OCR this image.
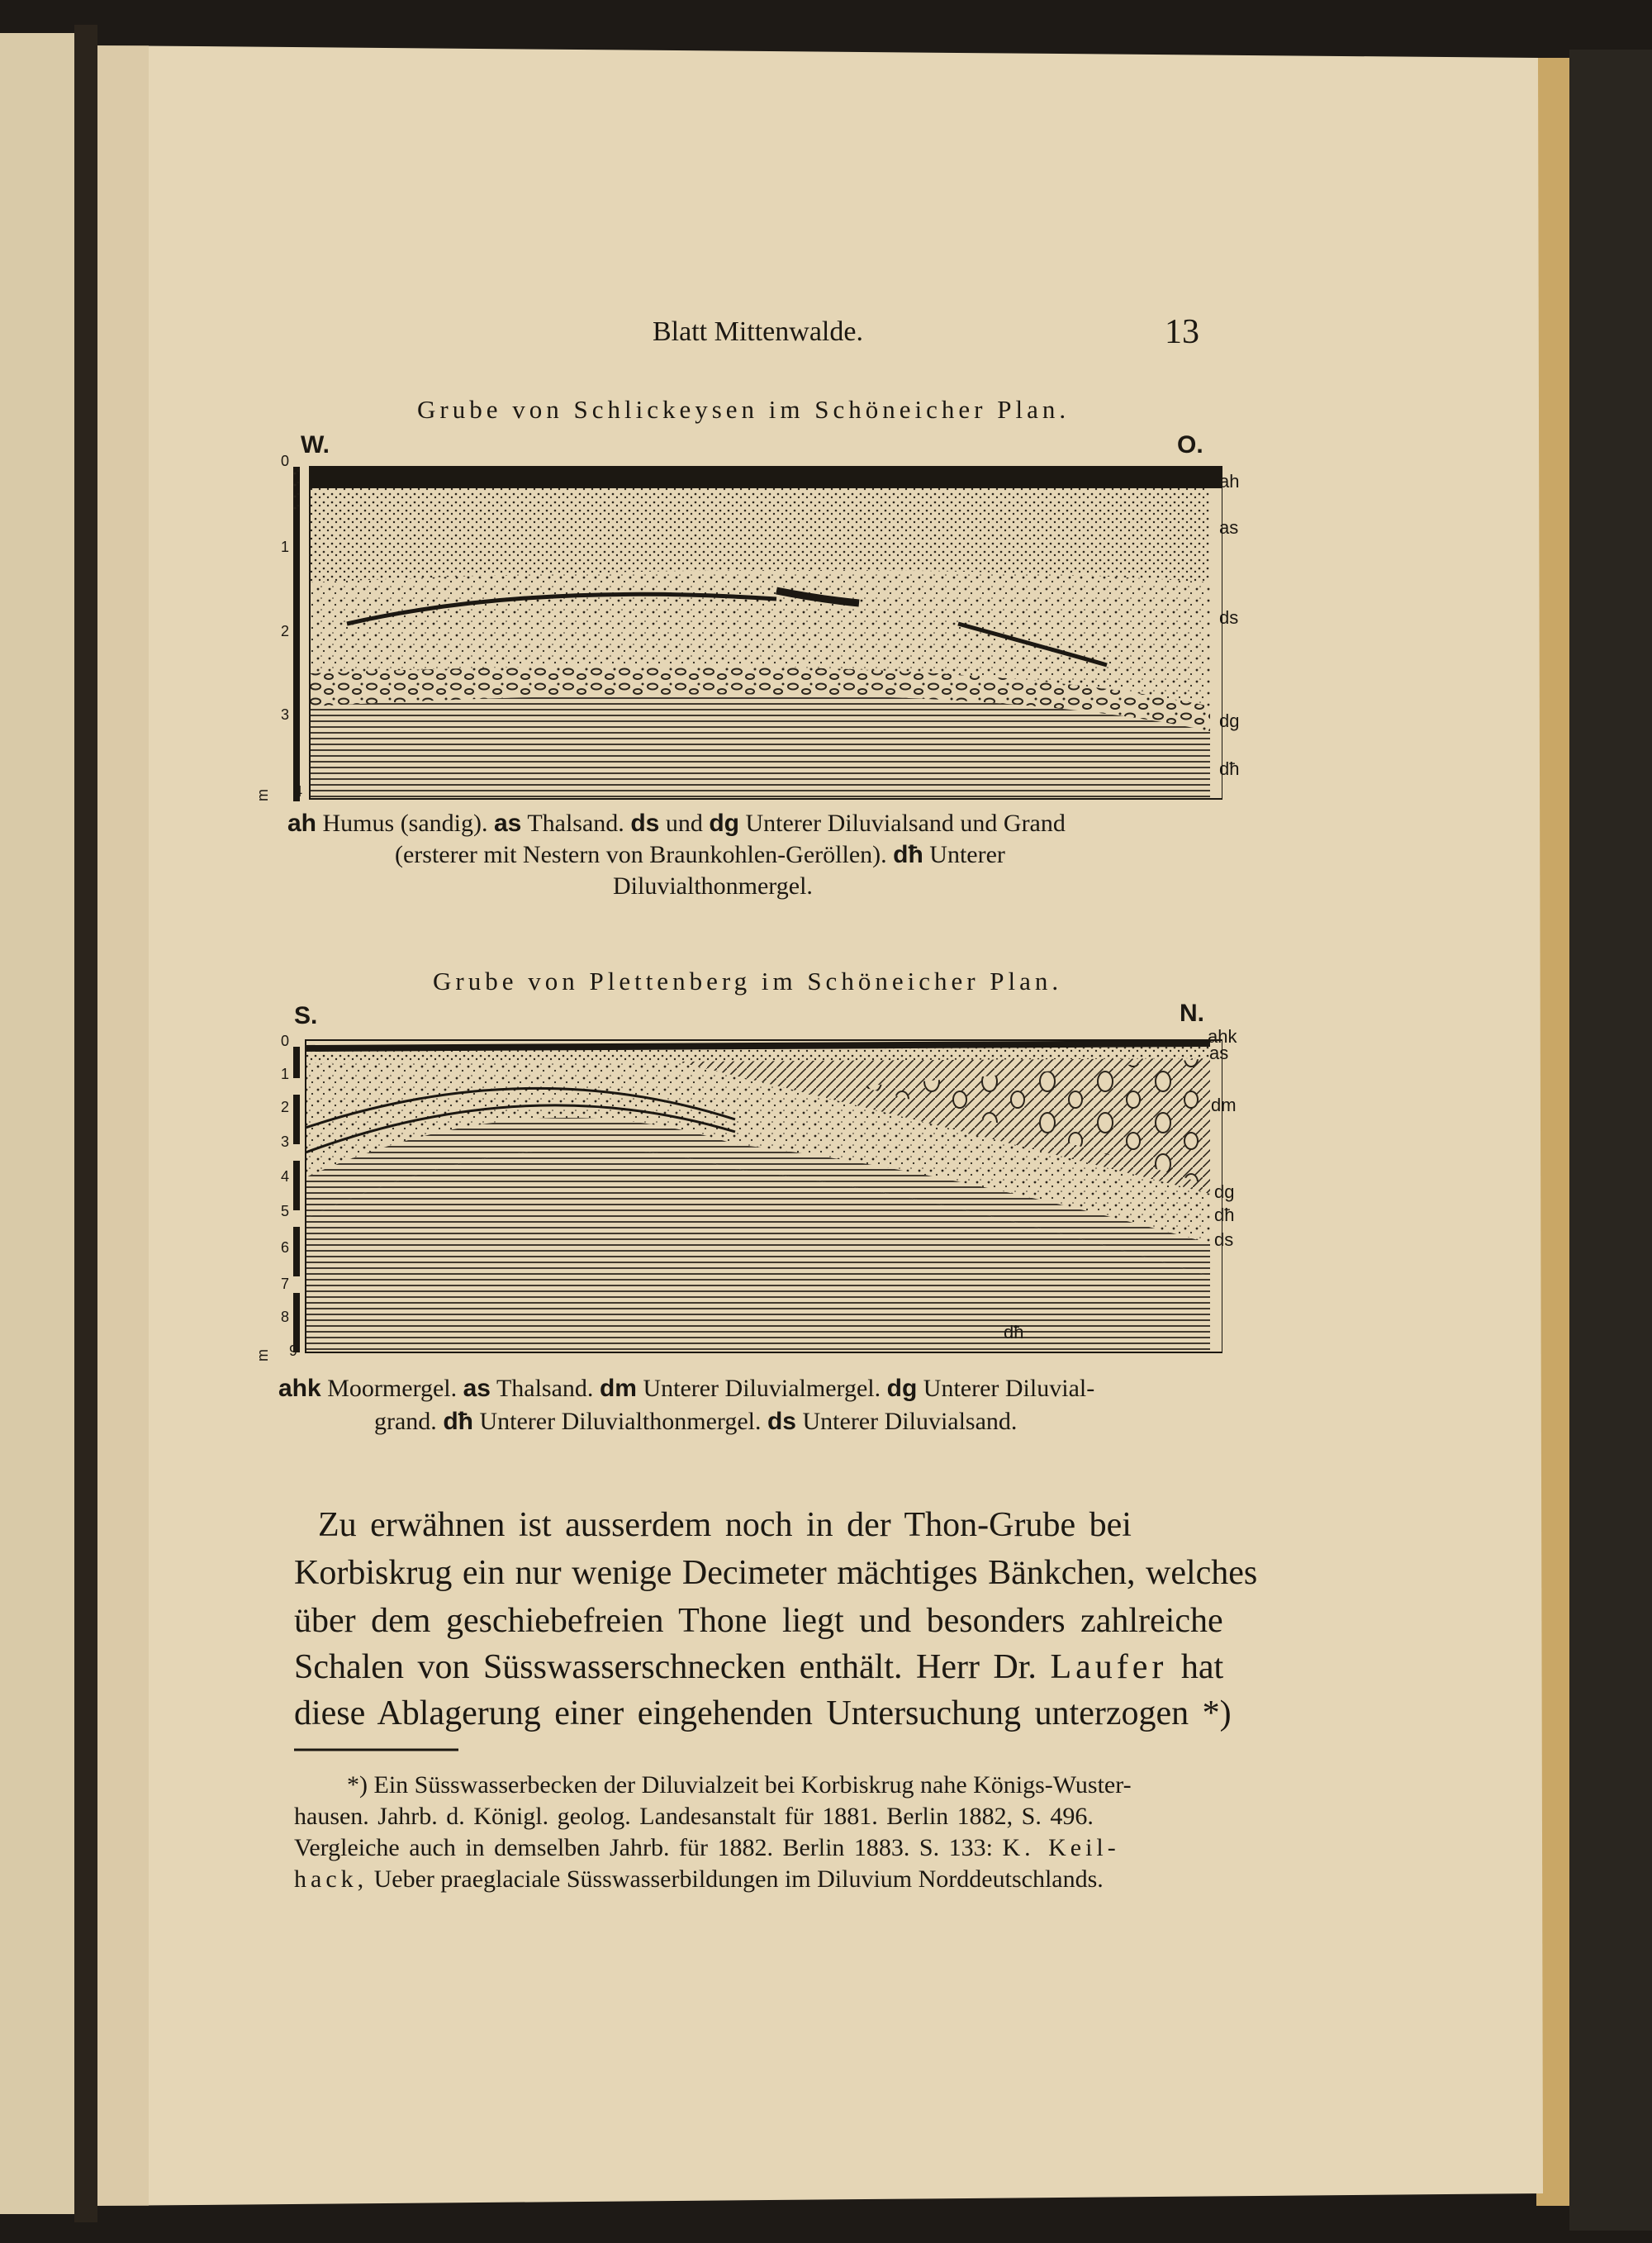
Blatt Mittenwalde.	13
Grube von Schlickeysen im Schöneicher Plan.
W.	O.
0
1
2
3
4
m
ah
as
ds
dg
dħ
ah Humus (sandig). as Thalsand. ds und dg Unterer Diluvialsand und Grand
(ersterer mit Nestern von Braunkohlen-Geröllen). dħ Unterer
Diluvialthonmergel.
Grube von Plettenberg im Schöneicher Plan.
S.	N.
0
1
2
3
4
5
6
7
8
9
m
ahk
as
dm
dg
dħ
ds
dħ
ahk Moormergel. as Thalsand. dm Unterer Diluvialmergel. dg Unterer Diluvial-
grand. dħ Unterer Diluvialthonmergel. ds Unterer Diluvialsand.
Zu erwähnen ist ausserdem noch in der Thon-Grube bei
Korbiskrug ein nur wenige Decimeter mächtiges Bänkchen, welches
über dem geschiebefreien Thone liegt und besonders zahlreiche
Schalen von Süsswasserschnecken enthält. Herr Dr. Laufer hat
diese Ablagerung einer eingehenden Untersuchung unterzogen *)
*) Ein Süsswasserbecken der Diluvialzeit bei Korbiskrug nahe Königs-Wuster-
hausen. Jahrb. d. Königl. geolog. Landesanstalt für 1881. Berlin 1882, S. 496.
Vergleiche auch in demselben Jahrb. für 1882. Berlin 1883. S. 133: K. Keil-
hack, Ueber praeglaciale Süsswasserbildungen im Diluvium Norddeutschlands.
